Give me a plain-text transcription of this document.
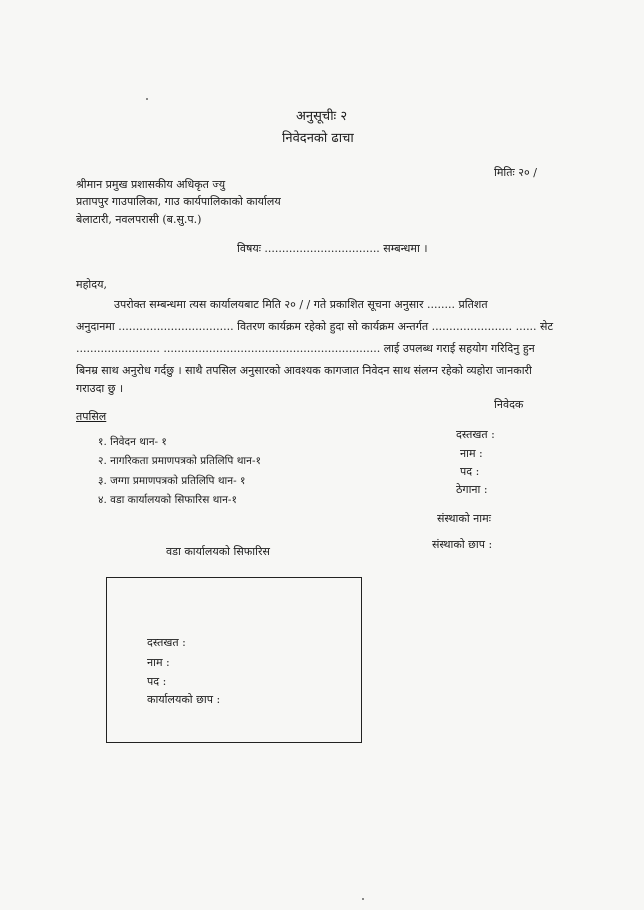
अनुसूचीः २
निवेदनको ढाचा
मितिः २० /
श्रीमान प्रमुख प्रशासकीय अधिकृत ज्यु
प्रतापपुर गाउपालिका, गाउ कार्यपालिकाको कार्यालय
बेलाटारी, नवलपरासी (ब.सु.प.)
विषयः ................................. सम्बन्धमा ।
महोदय,
उपरोक्त सम्बन्धमा त्यस कार्यालयबाट मिति २० / / गते प्रकाशित सूचना अनुसार ........ प्रतिशत
अनुदानमा ................................. वितरण कार्यक्रम रहेको हुदा सो कार्यक्रम अन्तर्गत ....................... ...... सेट
........................ .............................................................. लाई उपलब्ध गराई सहयोग गरिदिनु हुन
बिनम्र साथ अनुरोध गर्दछु । साथै तपसिल अनुसारको आवश्यक कागजात निवेदन साथ संलग्न रहेको व्यहोरा जानकारी
गराउदा छु ।
निवेदक
दस्तखत :
नाम :
पद :
ठेगाना :
संस्थाको नामः
संस्थाको छाप :
तपसिल
१. निवेदन थान- १
२. नागरिकता प्रमाणपत्रको प्रतिलिपि थान-१
३. जग्गा प्रमाणपत्रको प्रतिलिपि थान- १
४. वडा कार्यालयको सिफारिस थान-१
वडा कार्यालयको सिफारिस
दस्तखत :
नाम :
पद :
कार्यालयको छाप :
